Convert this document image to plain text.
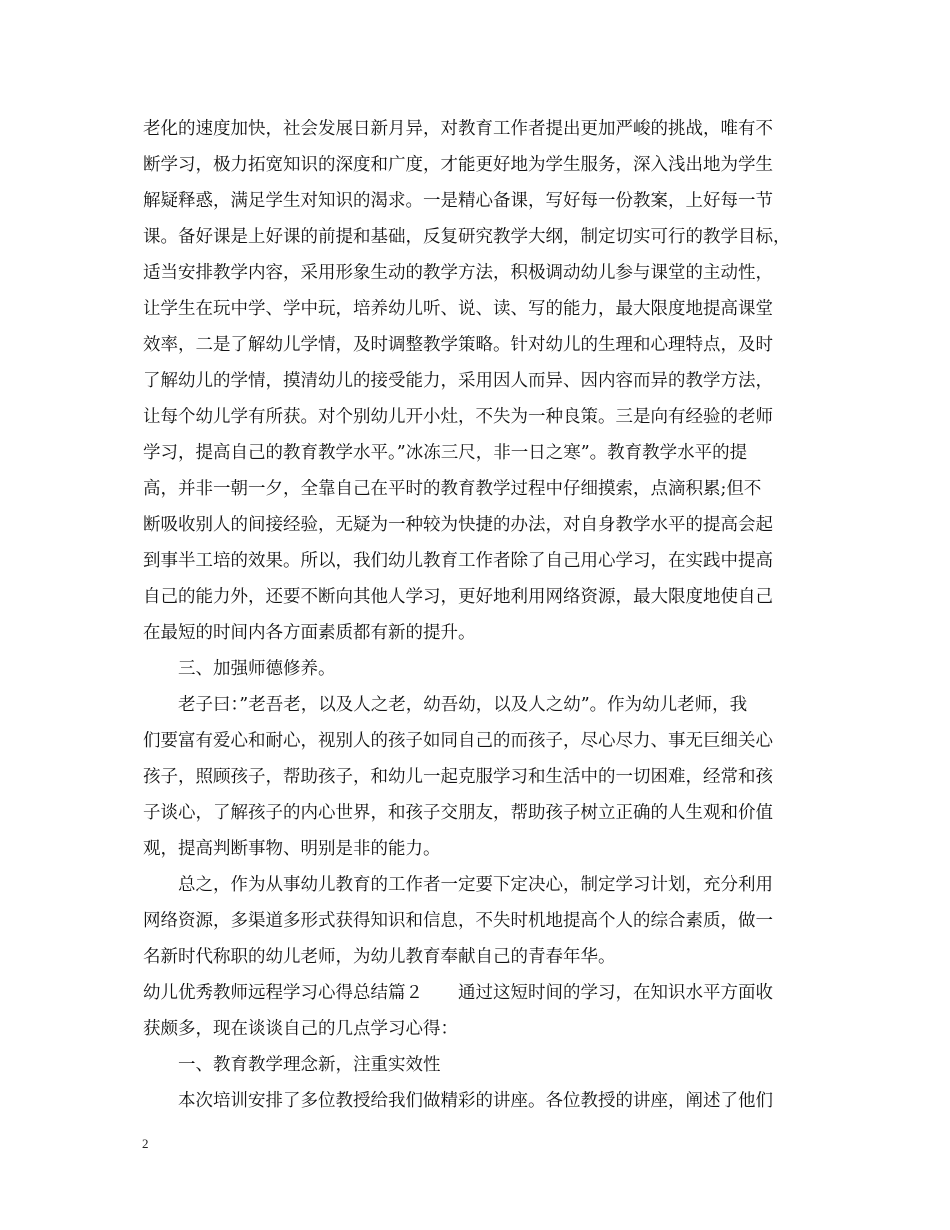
老化的速度加快，社会发展日新月异，对教育工作者提出更加严峻的挑战，唯有不

断学习，极力拓宽知识的深度和广度，才能更好地为学生服务，深入浅出地为学生

解疑释惑，满足学生对知识的渴求。一是精心备课，写好每一份教案，上好每一节

课。备好课是上好课的前提和基础，反复研究教学大纲，制定切实可行的教学目标，

适当安排教学内容，采用形象生动的教学方法，积极调动幼儿参与课堂的主动性，

让学生在玩中学、学中玩，培养幼儿听、说、读、写的能力，最大限度地提高课堂

效率，二是了解幼儿学情，及时调整教学策略。针对幼儿的生理和心理特点，及时

了解幼儿的学情，摸清幼儿的接受能力，采用因人而异、因内容而异的教学方法，

让每个幼儿学有所获。对个别幼儿开小灶，不失为一种良策。三是向有经验的老师

学习，提高自己的教育教学水平。”冰冻三尺，非一日之寒”。教育教学水平的提

高，并非一朝一夕，全靠自己在平时的教育教学过程中仔细摸索，点滴积累;但不

断吸收别人的间接经验，无疑为一种较为快捷的办法，对自身教学水平的提高会起

到事半工培的效果。所以，我们幼儿教育工作者除了自己用心学习，在实践中提高

自己的能力外，还要不断向其他人学习，更好地利用网络资源，最大限度地使自己

在最短的时间内各方面素质都有新的提升。

三、加强师德修养。

老子曰：”老吾老，以及人之老，幼吾幼，以及人之幼”。作为幼儿老师，我

们要富有爱心和耐心，视别人的孩子如同自己的而孩子，尽心尽力、事无巨细关心

孩子，照顾孩子，帮助孩子，和幼儿一起克服学习和生活中的一切困难，经常和孩

子谈心，了解孩子的内心世界，和孩子交朋友，帮助孩子树立正确的人生观和价值

观，提高判断事物、明别是非的能力。

总之，作为从事幼儿教育的工作者一定要下定决心，制定学习计划，充分利用

网络资源，多渠道多形式获得知识和信息，不失时机地提高个人的综合素质，做一

名新时代称职的幼儿老师，为幼儿教育奉献自己的青春年华。

幼儿优秀教师远程学习心得总结篇２　　通过这短时间的学习，在知识水平方面收

获颇多，现在谈谈自己的几点学习心得：

一、教育教学理念新，注重实效性

本次培训安排了多位教授给我们做精彩的讲座。各位教授的讲座，阐述了他们

2
